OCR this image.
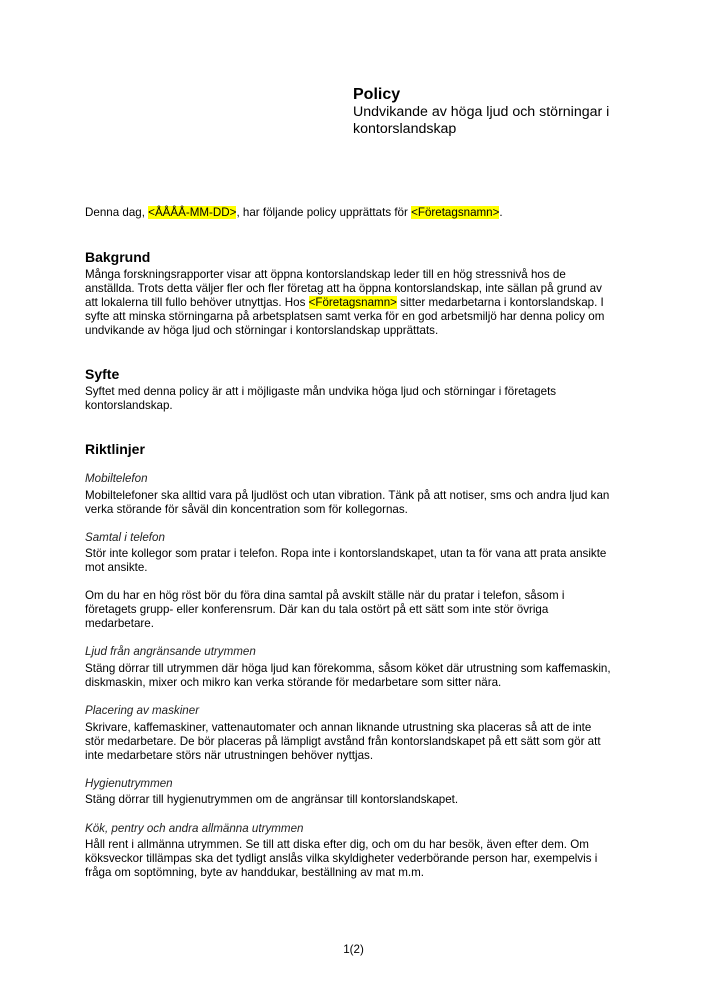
Policy
Undvikande av höga ljud och störningar i
kontorslandskap
Denna dag, <ÅÅÅÅ-MM-DD>, har följande policy upprättats för <Företagsnamn>.
Bakgrund
Många forskningsrapporter visar att öppna kontorslandskap leder till en hög stressnivå hos de
anställda. Trots detta väljer fler och fler företag att ha öppna kontorslandskap, inte sällan på grund av
att lokalerna till fullo behöver utnyttjas. Hos <Företagsnamn> sitter medarbetarna i kontorslandskap. I
syfte att minska störningarna på arbetsplatsen samt verka för en god arbetsmiljö har denna policy om
undvikande av höga ljud och störningar i kontorslandskap upprättats.
Syfte
Syftet med denna policy är att i möjligaste mån undvika höga ljud och störningar i företagets
kontorslandskap.
Riktlinjer
Mobiltelefon
Mobiltelefoner ska alltid vara på ljudlöst och utan vibration. Tänk på att notiser, sms och andra ljud kan
verka störande för såväl din koncentration som för kollegornas.
Samtal i telefon
Stör inte kollegor som pratar i telefon. Ropa inte i kontorslandskapet, utan ta för vana att prata ansikte
mot ansikte.
Om du har en hög röst bör du föra dina samtal på avskilt ställe när du pratar i telefon, såsom i
företagets grupp- eller konferensrum. Där kan du tala ostört på ett sätt som inte stör övriga
medarbetare.
Ljud från angränsande utrymmen
Stäng dörrar till utrymmen där höga ljud kan förekomma, såsom köket där utrustning som kaffemaskin,
diskmaskin, mixer och mikro kan verka störande för medarbetare som sitter nära.
Placering av maskiner
Skrivare, kaffemaskiner, vattenautomater och annan liknande utrustning ska placeras så att de inte
stör medarbetare. De bör placeras på lämpligt avstånd från kontorslandskapet på ett sätt som gör att
inte medarbetare störs när utrustningen behöver nyttjas.
Hygienutrymmen
Stäng dörrar till hygienutrymmen om de angränsar till kontorslandskapet.
Kök, pentry och andra allmänna utrymmen
Håll rent i allmänna utrymmen. Se till att diska efter dig, och om du har besök, även efter dem. Om
köksveckor tillämpas ska det tydligt anslås vilka skyldigheter vederbörande person har, exempelvis i
fråga om soptömning, byte av handdukar, beställning av mat m.m.
1(2)
